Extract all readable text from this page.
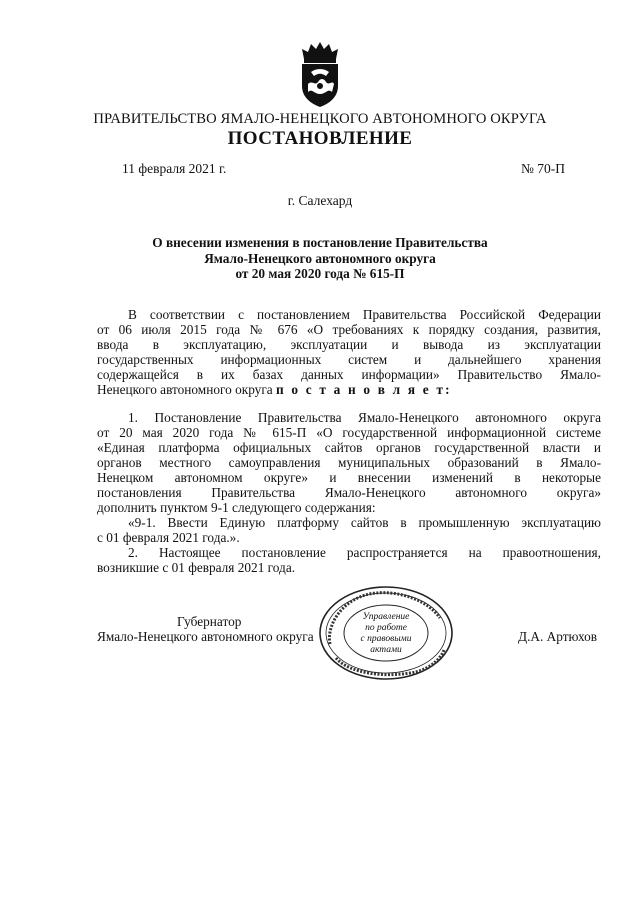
ПРАВИТЕЛЬСТВО ЯМАЛО-НЕНЕЦКОГО АВТОНОМНОГО ОКРУГА
ПОСТАНОВЛЕНИЕ
11 февраля 2021 г.	№ 70-П
г. Салехард
О внесении изменения в постановление Правительства
Ямало-Ненецкого автономного округа
от 20 мая 2020 года № 615-П
В соответствии с постановлением Правительства Российской Федерации
от 06 июля 2015 года № 676 «О требованиях к порядку создания, развития,
ввода в эксплуатацию, эксплуатации и вывода из эксплуатации
государственных информационных систем и дальнейшего хранения
содержащейся в их базах данных информации» Правительство Ямало-
Ненецкого автономного округа п о с т а н о в л я е т:
1. Постановление Правительства Ямало-Ненецкого автономного округа
от 20 мая 2020 года № 615-П «О государственной информационной системе
«Единая платформа официальных сайтов органов государственной власти и
органов местного самоуправления муниципальных образований в Ямало-
Ненецком автономном округе» и внесении изменений в некоторые
постановления Правительства Ямало-Ненецкого автономного округа»
дополнить пунктом 9-1 следующего содержания:
«9-1. Ввести Единую платформу сайтов в промышленную эксплуатацию
с 01 февраля 2021 года.».
2. Настоящее постановление распространяется на правоотношения,
возникшие с 01 февраля 2021 года.
Губернатор
Ямало-Ненецкого автономного округа	Д.А. Артюхов
Управление
по работе
с правовыми
актами
